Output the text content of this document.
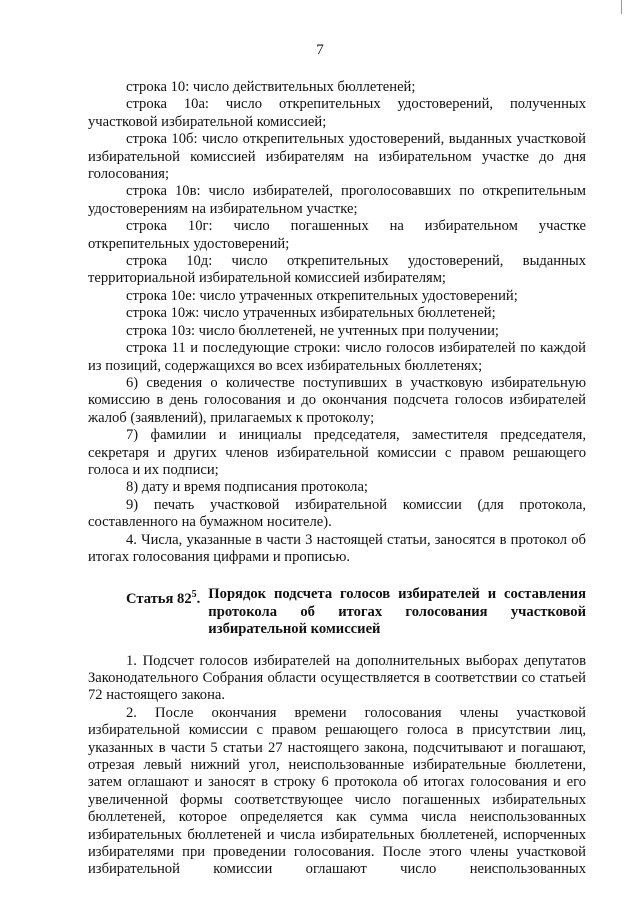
7

строка 10: число действительных бюллетеней;

строка 10а: число открепительных удостоверений, полученных участковой избирательной комиссией;

строка 10б: число открепительных удостоверений, выданных участковой избирательной комиссией избирателям на избирательном участке до дня голосования;

строка 10в: число избирателей, проголосовавших по открепительным удостоверениям на избирательном участке;

строка 10г: число погашенных на избирательном участке открепительных удостоверений;

строка 10д: число открепительных удостоверений, выданных территориальной избирательной комиссией избирателям;

строка 10е: число утраченных открепительных удостоверений;

строка 10ж: число утраченных избирательных бюллетеней;

строка 10з: число бюллетеней, не учтенных при получении;

строка 11 и последующие строки: число голосов избирателей по каждой из позиций, содержащихся во всех избирательных бюллетенях;

6) сведения о количестве поступивших в участковую избирательную комиссию в день голосования и до окончания подсчета голосов избирателей жалоб (заявлений), прилагаемых к протоколу;

7) фамилии и инициалы председателя, заместителя председателя, секретаря и других членов избирательной комиссии с правом решающего голоса и их подписи;

8) дату и время подписания протокола;

9) печать участковой избирательной комиссии (для протокола, составленного на бумажном носителе).

4. Числа, указанные в части 3 настоящей статьи, заносятся в протокол об итогах голосования цифрами и прописью.

Статья $82^5$. Порядок подсчета голосов избирателей и составления протокола об итогах голосования участковой избирательной комиссией

1. Подсчет голосов избирателей на дополнительных выборах депутатов Законодательного Собрания области осуществляется в соответствии со статьей 72 настоящего закона.

2. После окончания времени голосования члены участковой избирательной комиссии с правом решающего голоса в присутствии лиц, указанных в части 5 статьи 27 настоящего закона, подсчитывают и погашают, отрезая левый нижний угол, неиспользованные избирательные бюллетени, затем оглашают и заносят в строку 6 протокола об итогах голосования и его увеличенной формы соответствующее число погашенных избирательных бюллетеней, которое определяется как сумма числа неиспользованных избирательных бюллетеней и числа избирательных бюллетеней, испорченных избирателями при проведении голосования. После этого члены участковой избирательной комиссии оглашают число неиспользованных
